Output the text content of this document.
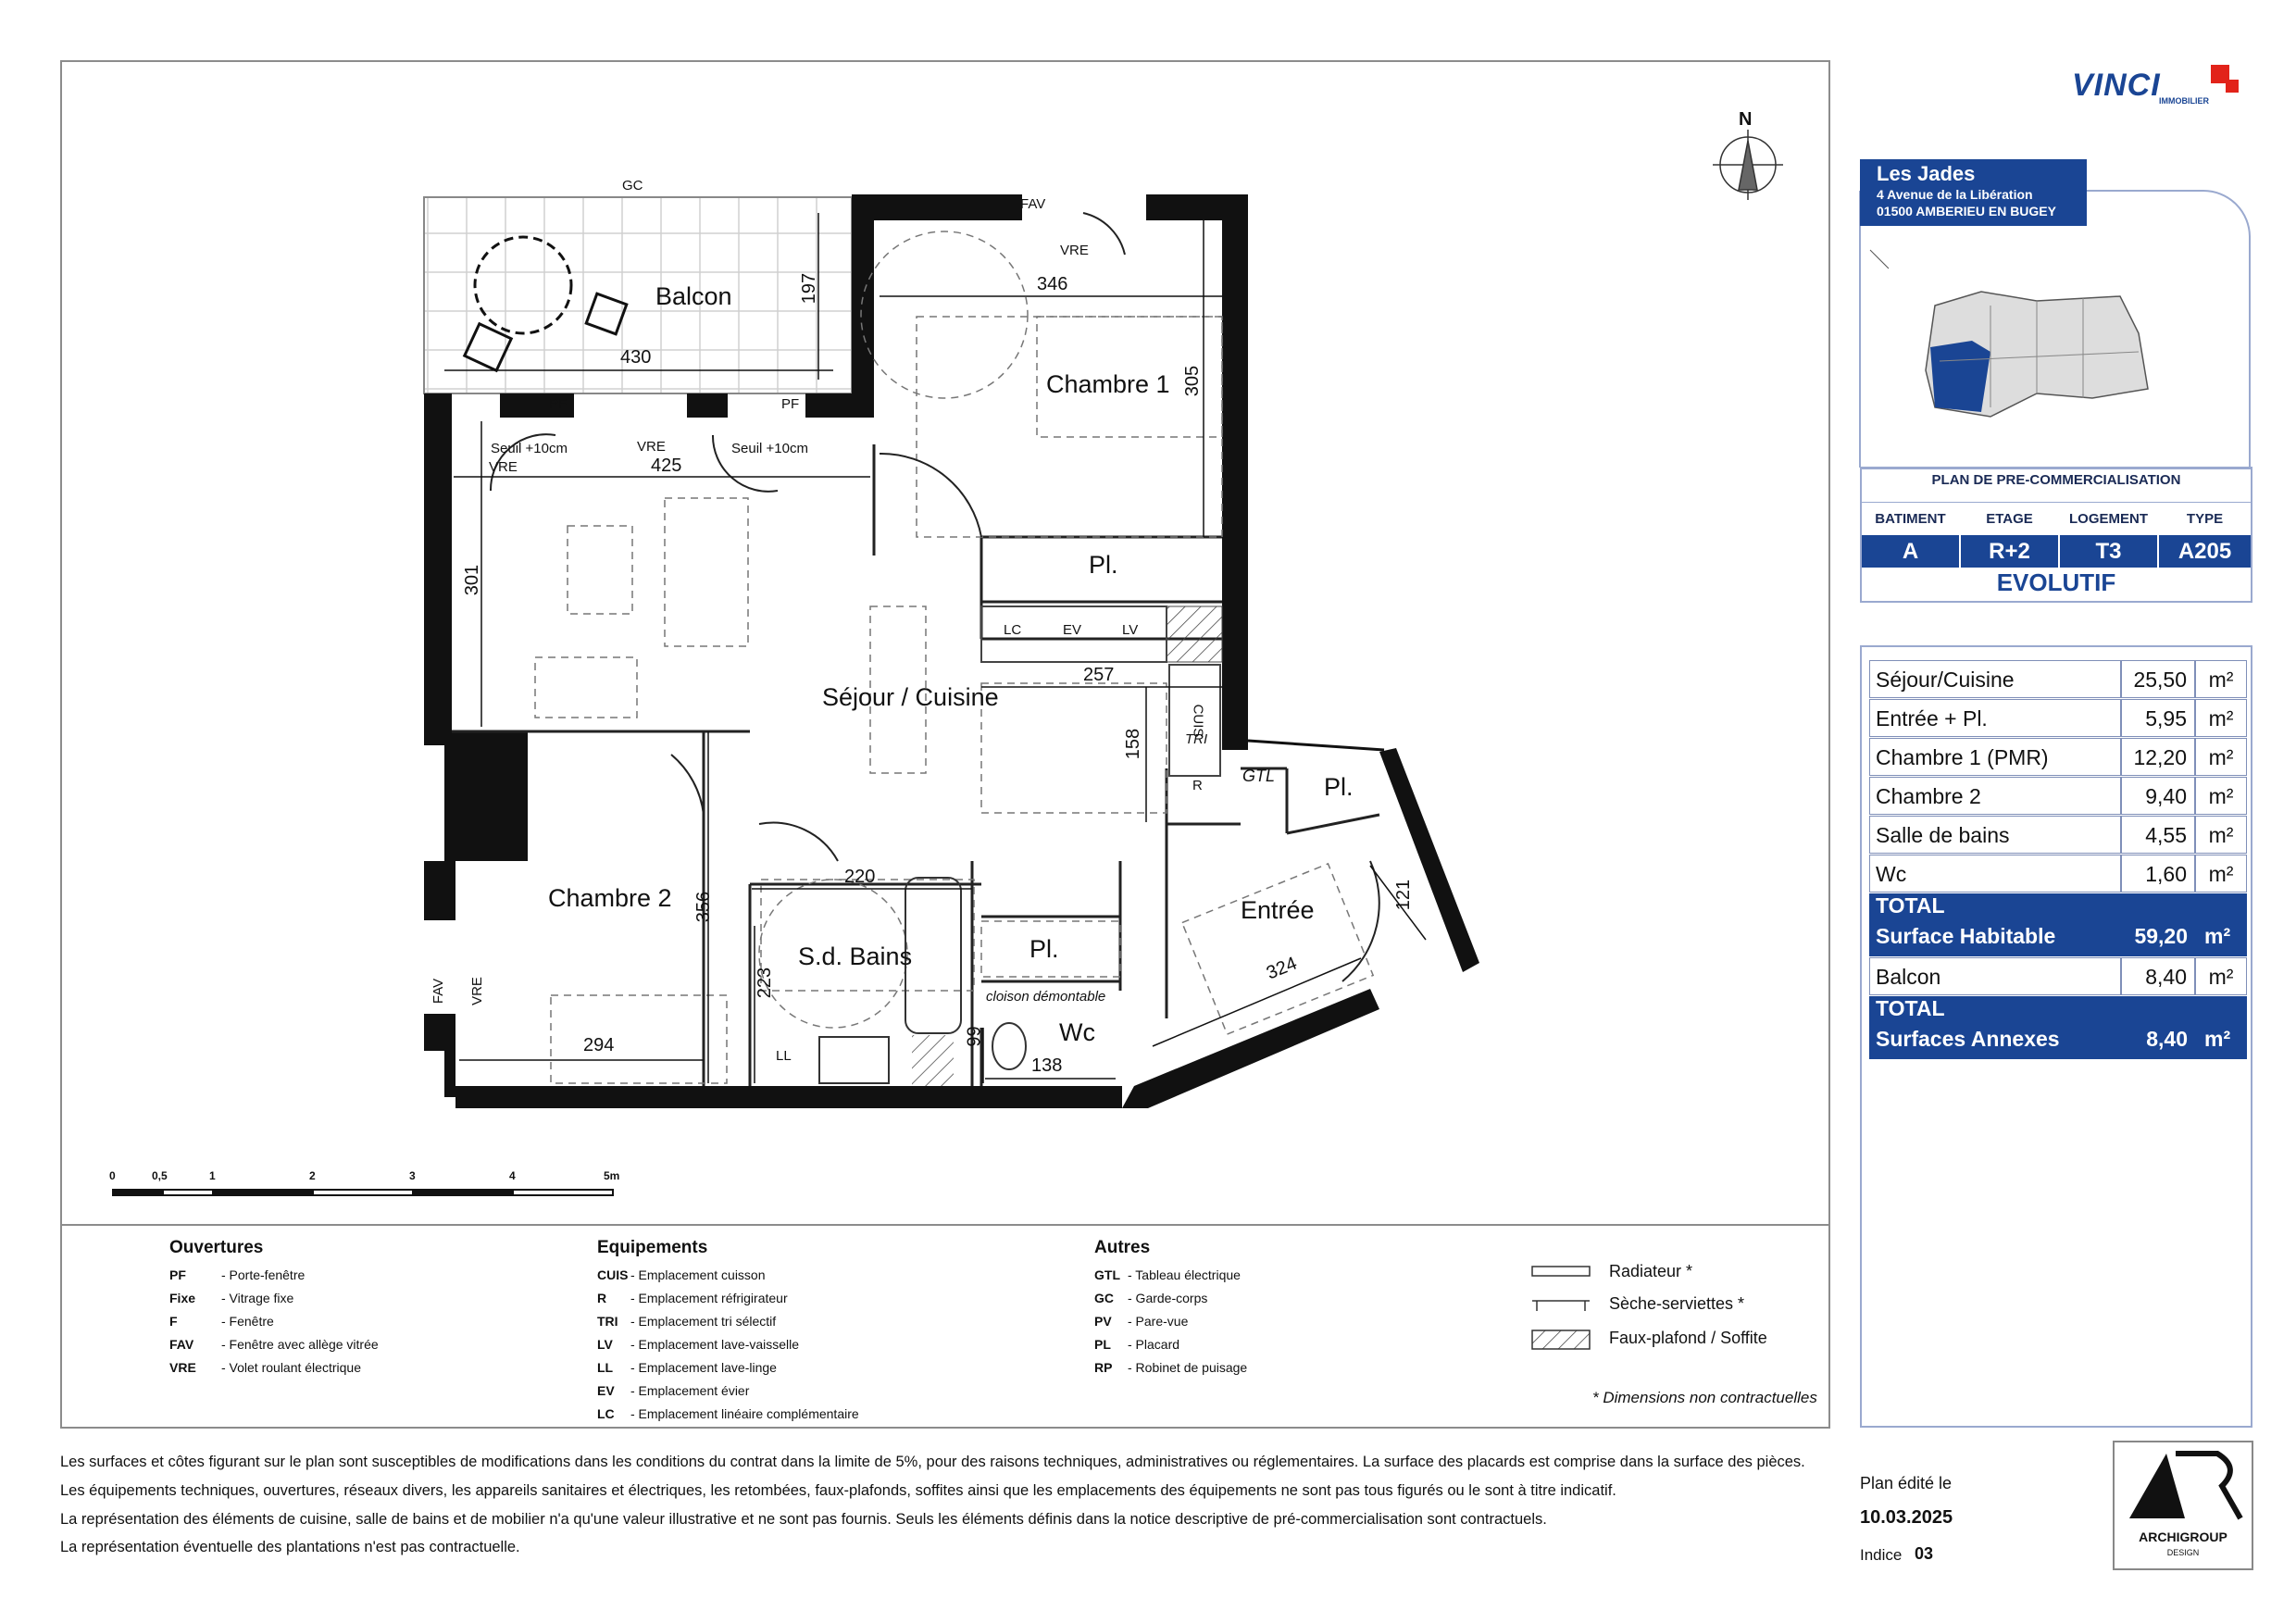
N
Balcon
Chambre 1
Pl.
Séjour / Cuisine
Chambre 2
S.d. Bains	Pl.
Wc
Entrée
Pl.
430
197	346
305
425
301
257
158
220
356
223
294	99
138
324
121
GC
FAV
VRE
PF	PF
Seuil +10cm	Seuil +10cm
VRE
VRE
LC	EV	LV
CUIS
TRI
R
GTL
FAV VRE
LL
cloison démontable
0	0,5	1	2	3	4	5m
VINCI
IMMOBILIER
Les Jades
4 Avenue de la Libération
01500 AMBERIEU EN BUGEY
PLAN DE PRE-COMMERCIALISATION
BATIMENT	ETAGE	LOGEMENT	TYPE
A	R+2	T3	A205
EVOLUTIF
Séjour/Cuisine	25,50	m²
Entrée + Pl.	5,95	m²
Chambre 1 (PMR)	12,20	m²
Chambre 2	9,40	m²
Salle de bains	4,55	m²
Wc	1,60	m²
TOTAL
Surface Habitable	59,20 m²
Balcon	8,40	m²
TOTAL
Surfaces Annexes	8,40 m²
Ouvertures
PF	- Porte-fenêtre
Fixe - Vitrage fixe
F	- Fenêtre
FAV - Fenêtre avec allège vitrée
VRE - Volet roulant électrique
Equipements
CUIS - Emplacement cuisson
R - Emplacement réfrigirateur
TRI - Emplacement tri sélectif
LV - Emplacement lave-vaisselle
LL - Emplacement lave-linge
EV - Emplacement évier
LC - Emplacement linéaire complémentaire
Autres
GTL - Tableau électrique
GC - Garde-corps
PV - Pare-vue
PL - Placard
RP - Robinet de puisage
Radiateur *
Sèche-serviettes *
Faux-plafond / Soffite
* Dimensions non contractuelles
Les surfaces et côtes figurant sur le plan sont susceptibles de modifications dans les conditions du contrat dans la limite de 5%, pour des raisons techniques, administratives ou réglementaires. La surface des placards est comprise dans la surface des pièces.
Les équipements techniques, ouvertures, réseaux divers, les appareils sanitaires et électriques, les retombées, faux-plafonds, soffites ainsi que les emplacements des équipements ne sont pas tous figurés ou le sont à titre indicatif.
La représentation des éléments de cuisine, salle de bains et de mobilier n'a qu'une valeur illustrative et ne sont pas fournis. Seuls les éléments définis dans la notice descriptive de pré-commercialisation sont contractuels.
La représentation éventuelle des plantations n'est pas contractuelle.
Plan édité le
10.03.2025
Indice 03
ARCHIGROUP
DESIGN
